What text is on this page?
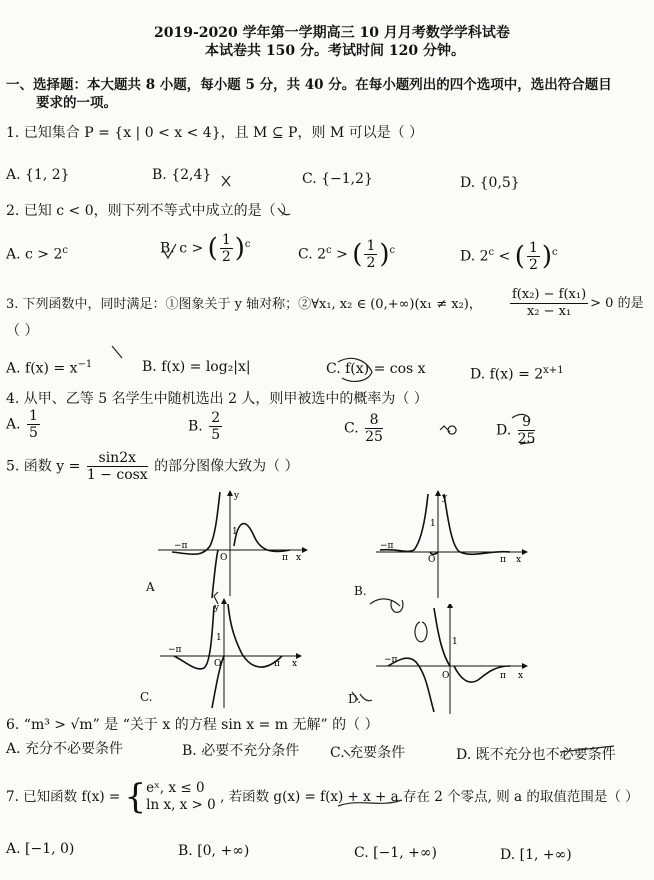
2019-2020 学年第一学期高三 10 月月考数学学科试卷
本试卷共 150 分。考试时间 120 分钟。
一、选择题：本大题共 8 小题，每小题 5 分，共 40 分。在每小题列出的四个选项中，选出符合题目
要求的一项。
1. 已知集合 P = {x | 0 < x < 4}，且 M ⊆ P，则 M 可以是（ ）
A. {1, 2}	B. {2,4}	C. {−1,2}	D. {0,5}
2. 已知 c < 0，则下列不等式中成立的是（ ）
A. $c > 2^c$	B. c > ( $\frac{1}{2} )^c$
C. $2^c$ > ( $\frac{1}{2} )^c$	D. $2^c$ < ( $\frac{1}{2} )^c$
3. 下列函数中，同时满足：①图象关于 y 轴对称；②∀x₁, x₂ ∈ (0,+∞)(x₁ ≠ x₂)， $\frac{\text{f(x₂) − f(x₁)}}{\text{x₂ − x₁}} > 0$ 的是
（ ）
A. $f(x) = x^{-1}$	B. f(x) = log₂|x|	C. f(x) = cos x	D. $f(x) = 2^{x+1}$
4. 从甲、乙等 5 名学生中随机选出 2 人，则甲被选中的概率为（ ）
A. $\frac{1}{5}$	B. $\frac{2}{5}$	C. $\frac{8}{25}$	D. $\frac{9}{25}$
5. 函数 $y = \frac{\sin 2x}{1 - \cos x}$ 的部分图像大致为（ ）
−π
O
1
π x
y
A
−π
O
1
π x
y
B.
−π
O
1
π x
y
C.
−π
O
1
π x
D.
6. “m³ > √m” 是 “关于 x 的方程 sin x = m 无解” 的（ ）
A. 充分不必要条件	B. 必要不充分条件 C. 充要条件	D. 既不充分也不必要条件
7. 已知函数 f(x) = { eˣ, x ≤ 0
ln x, x > 0 , 若函数 g(x) = f(x) + x + a 存在 2 个零点, 则 a 的取值范围是（ ）
A. [−1, 0)	B. [0, +∞)	C. [−1, +∞)	D. [1, +∞)
